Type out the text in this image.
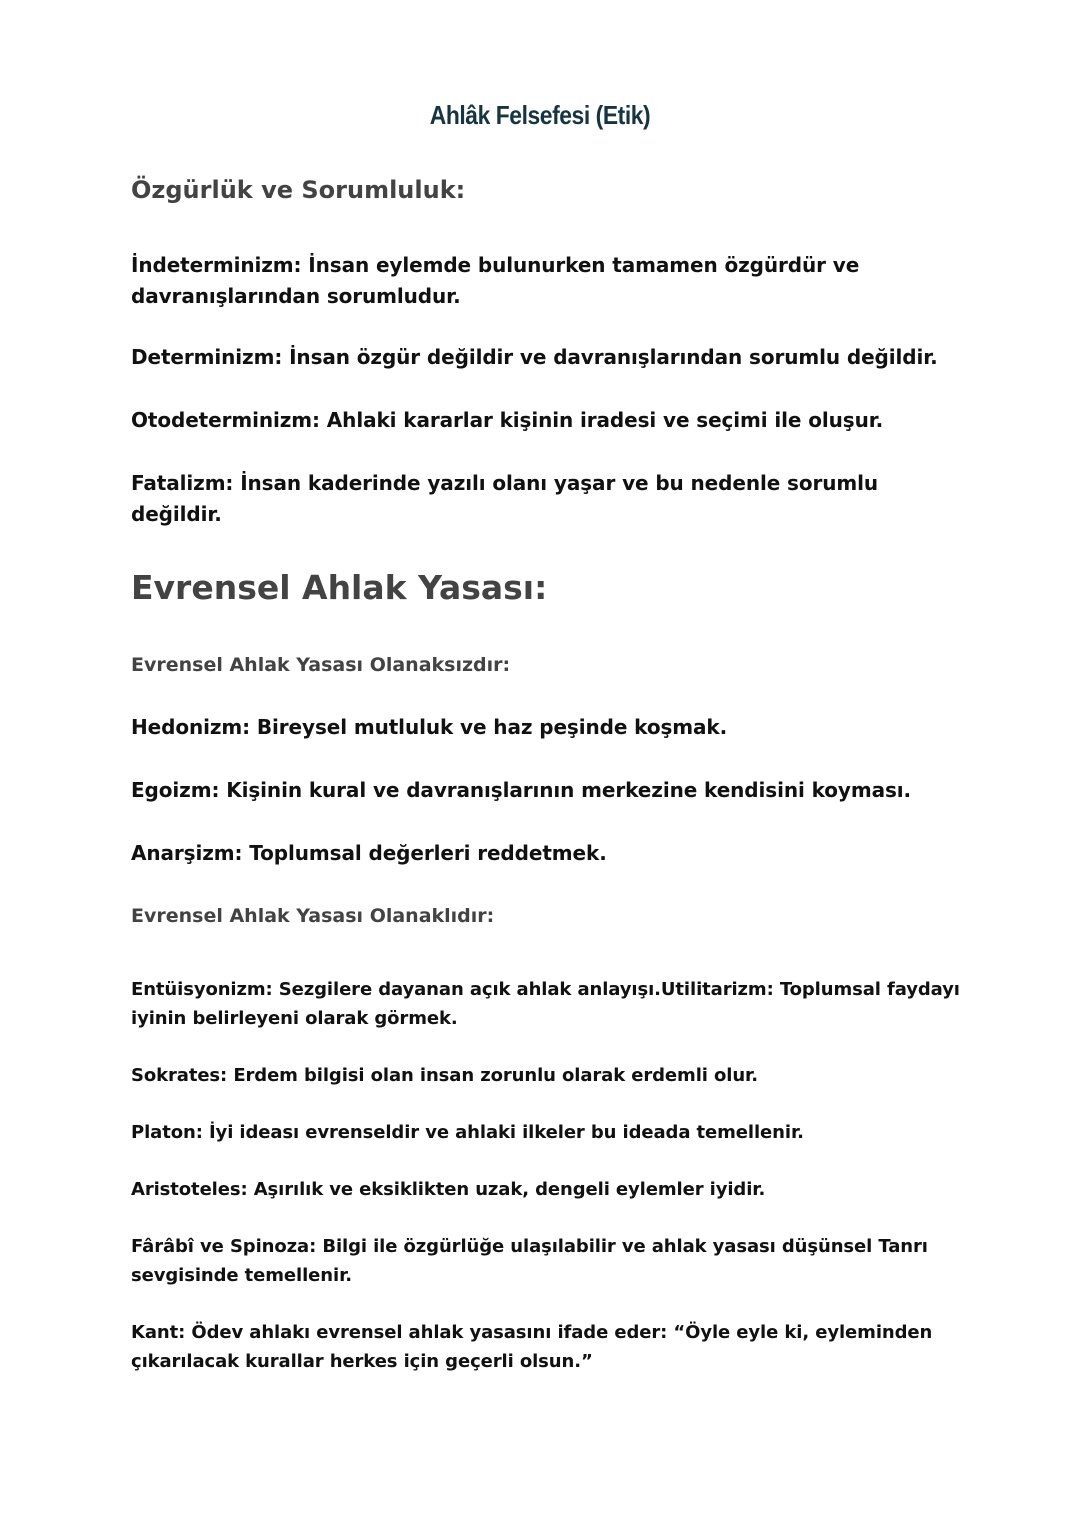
Ahlâk Felsefesi (Etik)
Özgürlük ve Sorumluluk:
İndeterminizm: İnsan eylemde bulunurken tamamen özgürdür ve davranışlarından sorumludur.
Determinizm: İnsan özgür değildir ve davranışlarından sorumlu değildir.
Otodeterminizm: Ahlaki kararlar kişinin iradesi ve seçimi ile oluşur.
Fatalizm: İnsan kaderinde yazılı olanı yaşar ve bu nedenle sorumlu değildir.
Evrensel Ahlak Yasası:
Evrensel Ahlak Yasası Olanaksızdır:
Hedonizm: Bireysel mutluluk ve haz peşinde koşmak.
Egoizm: Kişinin kural ve davranışlarının merkezine kendisini koyması.
Anarşizm: Toplumsal değerleri reddetmek.
Evrensel Ahlak Yasası Olanaklıdır:
Entüisyonizm: Sezgilere dayanan açık ahlak anlayışı.Utilitarizm: Toplumsal faydayı iyinin belirleyeni olarak görmek.
Sokrates: Erdem bilgisi olan insan zorunlu olarak erdemli olur.
Platon: İyi ideası evrenseldir ve ahlaki ilkeler bu ideada temellenir.
Aristoteles: Aşırılık ve eksiklikten uzak, dengeli eylemler iyidir.
Fârâbî ve Spinoza: Bilgi ile özgürlüğe ulaşılabilir ve ahlak yasası düşünsel Tanrı sevgisinde temellenir.
Kant: Ödev ahlakı evrensel ahlak yasasını ifade eder: “Öyle eyle ki, eyleminden çıkarılacak kurallar herkes için geçerli olsun.”
